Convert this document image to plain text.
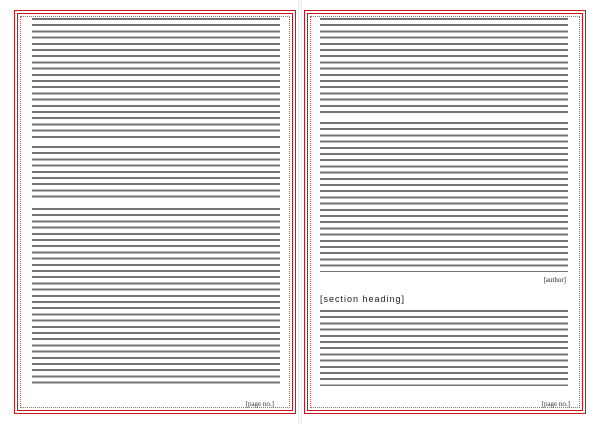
[page no.]
[author]
[section heading]
[page no.]
